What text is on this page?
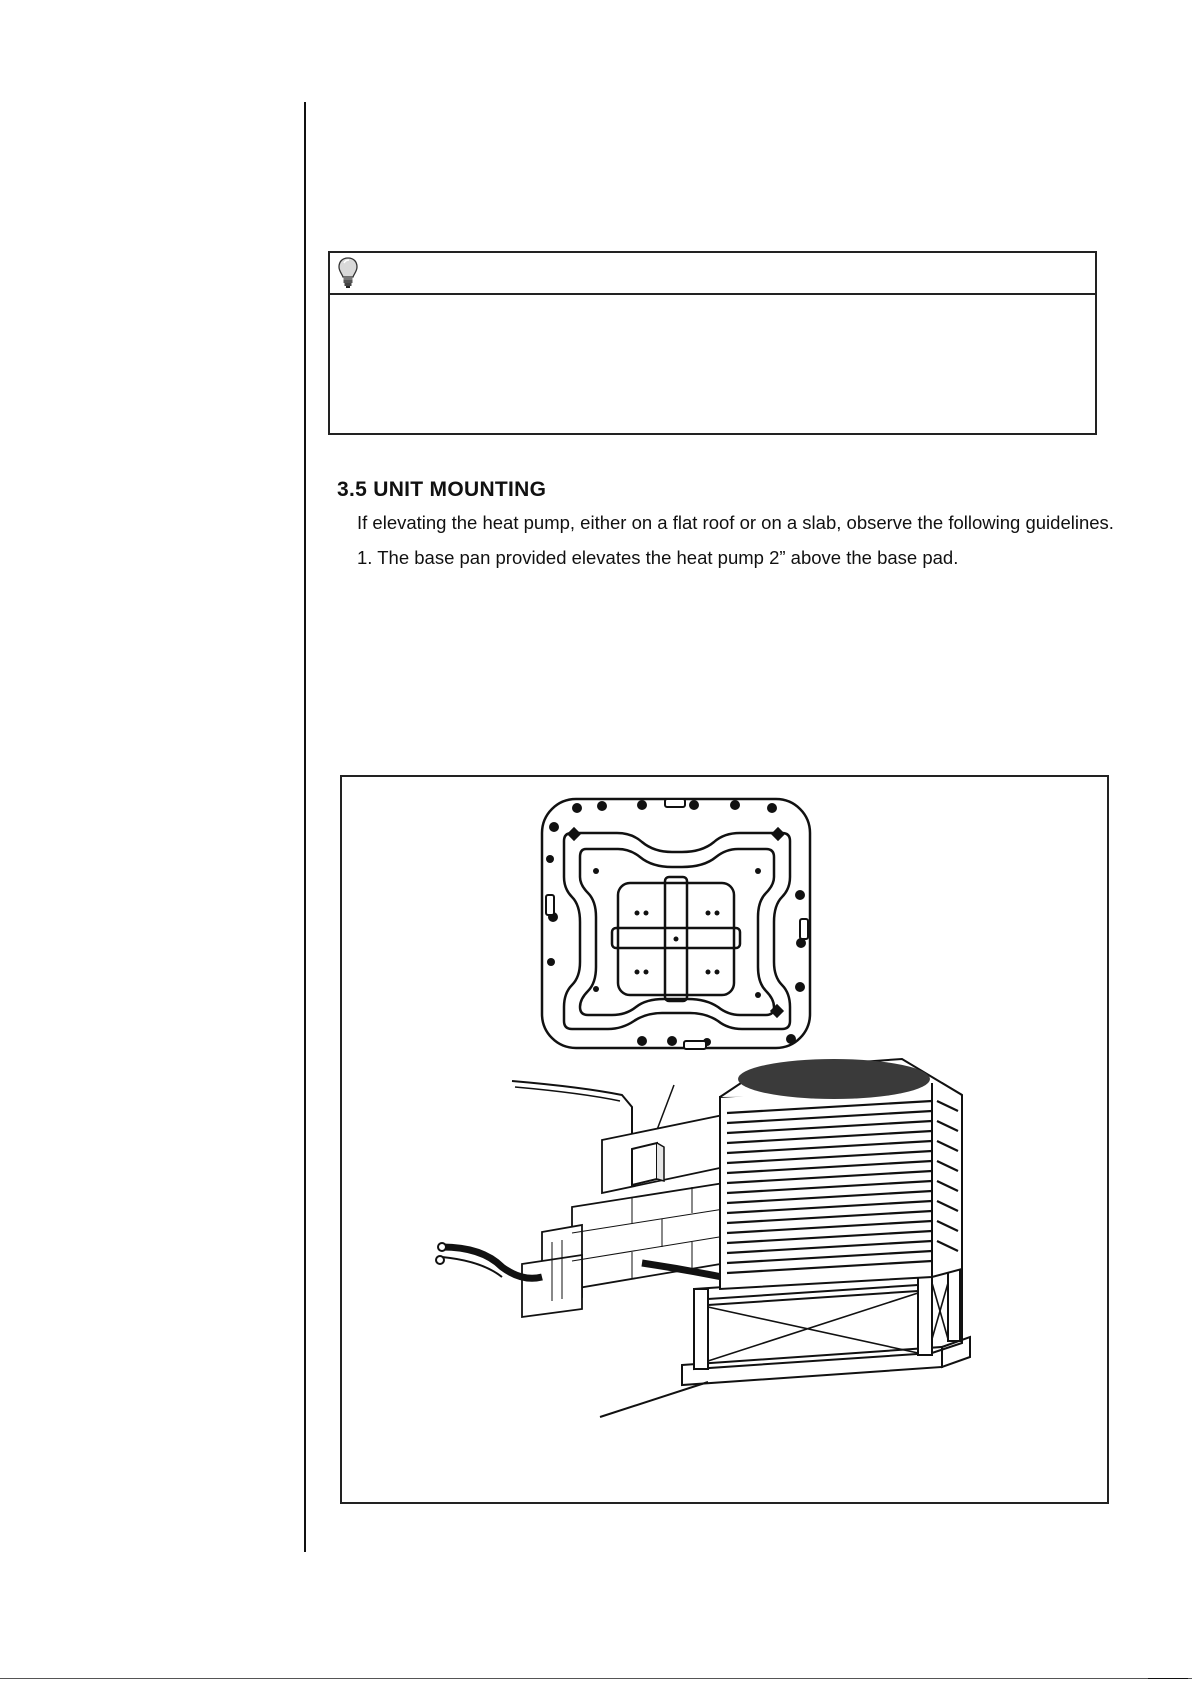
3.5 UNIT MOUNTING

If elevating the heat pump, either on a flat roof or on a slab, observe the following guidelines.

1. The base pan provided elevates the heat pump 2” above the base pad.
